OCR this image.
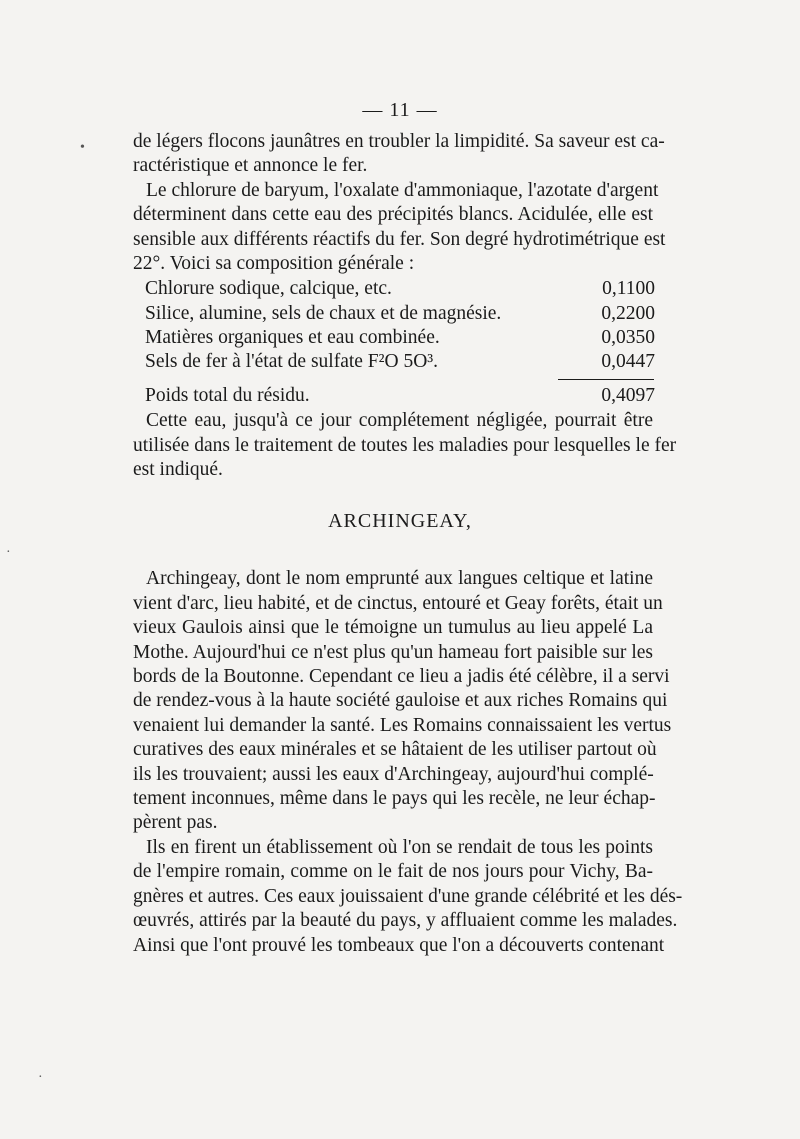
— 11 —
de légers flocons jaunâtres en troubler la limpidité. Sa saveur est ca-
ractéristique et annonce le fer.
Le chlorure de baryum, l'oxalate d'ammoniaque, l'azotate d'argent
déterminent dans cette eau des précipités blancs. Acidulée, elle est
sensible aux différents réactifs du fer. Son degré hydrotimétrique est
22°. Voici sa composition générale :
Chlorure sodique, calcique, etc.	0,1100
Silice, alumine, sels de chaux et de magnésie.	0,2200
Matières organiques et eau combinée.	0,0350
Sels de fer à l'état de sulfate F²O 5O³.	0,0447
Poids total du résidu.	0,4097
Cette eau, jusqu'à ce jour complétement négligée, pourrait être
utilisée dans le traitement de toutes les maladies pour lesquelles le fer
est indiqué.
ARCHINGEAY,
Archingeay, dont le nom emprunté aux langues celtique et latine
vient d'arc, lieu habité, et de cinctus, entouré et Geay forêts, était un
vieux Gaulois ainsi que le témoigne un tumulus au lieu appelé La
Mothe. Aujourd'hui ce n'est plus qu'un hameau fort paisible sur les
bords de la Boutonne. Cependant ce lieu a jadis été célèbre, il a servi
de rendez-vous à la haute société gauloise et aux riches Romains qui
venaient lui demander la santé. Les Romains connaissaient les vertus
curatives des eaux minérales et se hâtaient de les utiliser partout où
ils les trouvaient; aussi les eaux d'Archingeay, aujourd'hui complé-
tement inconnues, même dans le pays qui les recèle, ne leur échap-
pèrent pas.
Ils en firent un établissement où l'on se rendait de tous les points
de l'empire romain, comme on le fait de nos jours pour Vichy, Ba-
gnères et autres. Ces eaux jouissaient d'une grande célébrité et les dés-
œuvrés, attirés par la beauté du pays, y affluaient comme les malades.
Ainsi que l'ont prouvé les tombeaux que l'on a découverts contenant
•
·
·
